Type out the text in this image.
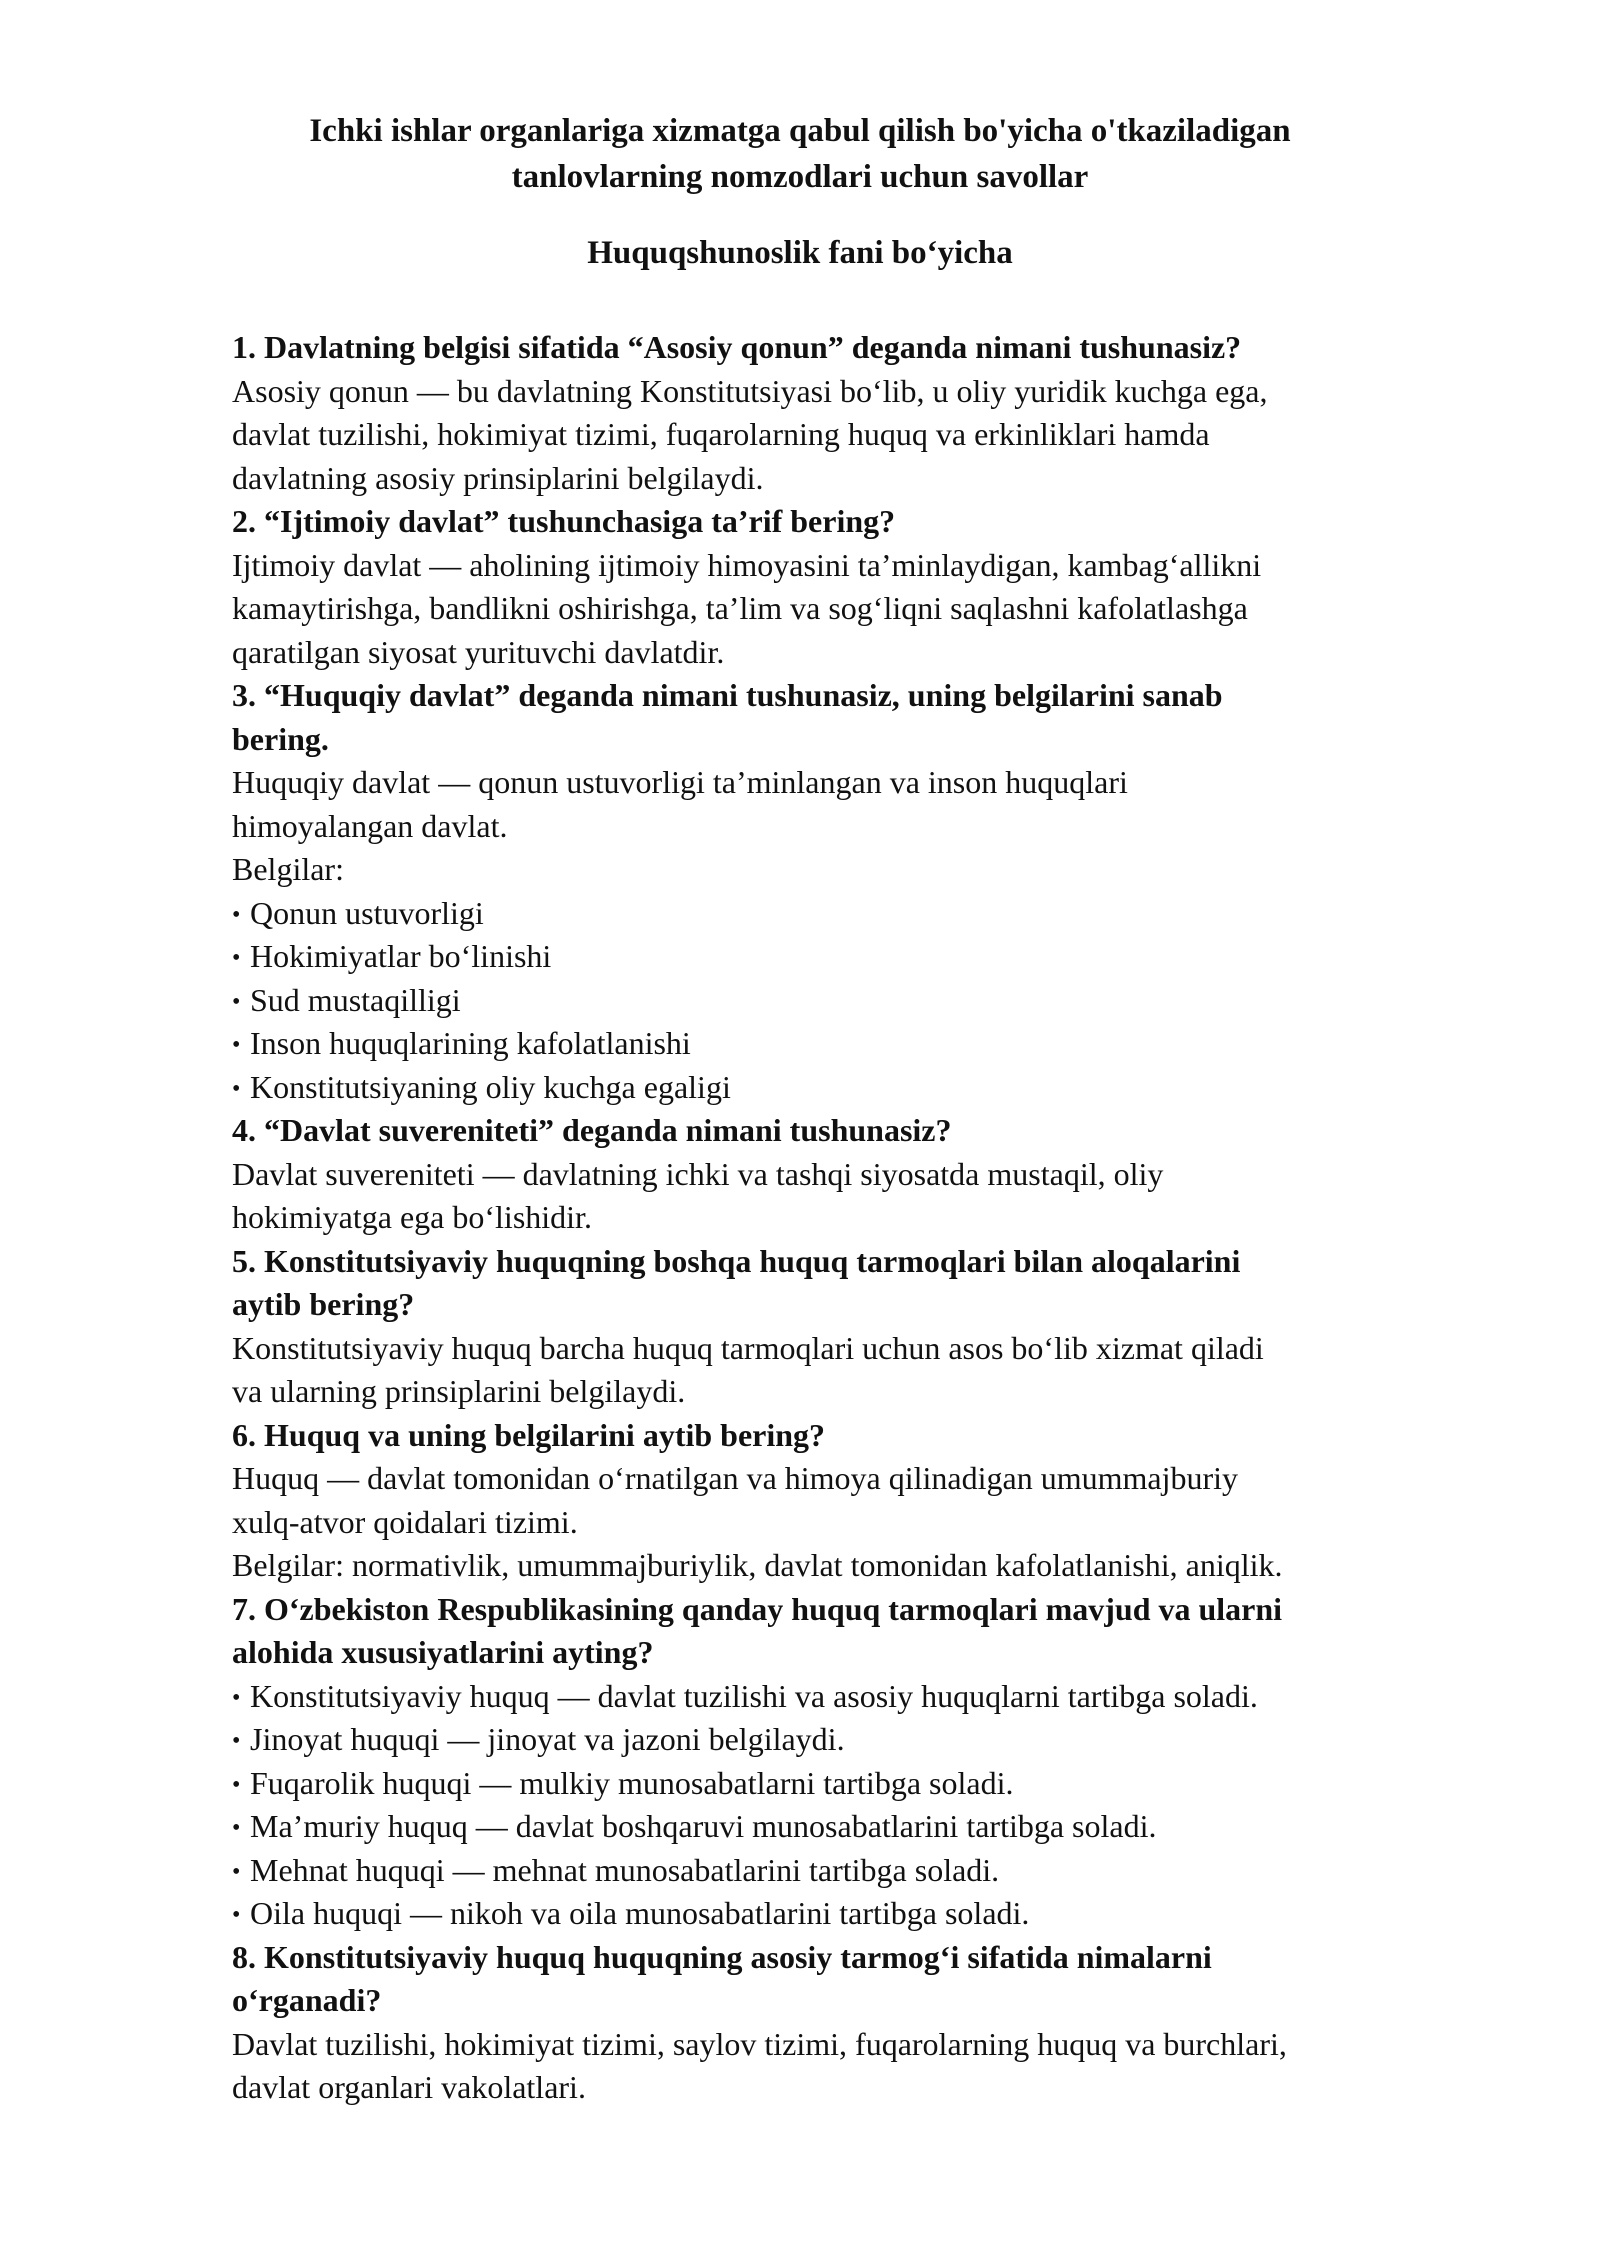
Ichki ishlar organlariga xizmatga qabul qilish bo'yicha o'tkaziladigan
tanlovlarning nomzodlari uchun savollar
Huquqshunoslik fani bo‘yicha
1. Davlatning belgisi sifatida “Asosiy qonun” deganda nimani tushunasiz?
Asosiy qonun — bu davlatning Konstitutsiyasi bo‘lib, u oliy yuridik kuchga ega,
davlat tuzilishi, hokimiyat tizimi, fuqarolarning huquq va erkinliklari hamda
davlatning asosiy prinsiplarini belgilaydi.
2. “Ijtimoiy davlat” tushunchasiga ta’rif bering?
Ijtimoiy davlat — aholining ijtimoiy himoyasini ta’minlaydigan, kambag‘allikni
kamaytirishga, bandlikni oshirishga, ta’lim va sog‘liqni saqlashni kafolatlashga
qaratilgan siyosat yurituvchi davlatdir.
3. “Huquqiy davlat” deganda nimani tushunasiz, uning belgilarini sanab
bering.
Huquqiy davlat — qonun ustuvorligi ta’minlangan va inson huquqlari
himoyalangan davlat.
Belgilar:
• Qonun ustuvorligi
• Hokimiyatlar bo‘linishi
• Sud mustaqilligi
• Inson huquqlarining kafolatlanishi
• Konstitutsiyaning oliy kuchga egaligi
4. “Davlat suvereniteti” deganda nimani tushunasiz?
Davlat suvereniteti — davlatning ichki va tashqi siyosatda mustaqil, oliy
hokimiyatga ega bo‘lishidir.
5. Konstitutsiyaviy huquqning boshqa huquq tarmoqlari bilan aloqalarini
aytib bering?
Konstitutsiyaviy huquq barcha huquq tarmoqlari uchun asos bo‘lib xizmat qiladi
va ularning prinsiplarini belgilaydi.
6. Huquq va uning belgilarini aytib bering?
Huquq — davlat tomonidan o‘rnatilgan va himoya qilinadigan umummajburiy
xulq-atvor qoidalari tizimi.
Belgilar: normativlik, umummajburiylik, davlat tomonidan kafolatlanishi, aniqlik.
7. O‘zbekiston Respublikasining qanday huquq tarmoqlari mavjud va ularni
alohida xususiyatlarini ayting?
• Konstitutsiyaviy huquq — davlat tuzilishi va asosiy huquqlarni tartibga soladi.
• Jinoyat huquqi — jinoyat va jazoni belgilaydi.
• Fuqarolik huquqi — mulkiy munosabatlarni tartibga soladi.
• Ma’muriy huquq — davlat boshqaruvi munosabatlarini tartibga soladi.
• Mehnat huquqi — mehnat munosabatlarini tartibga soladi.
• Oila huquqi — nikoh va oila munosabatlarini tartibga soladi.
8. Konstitutsiyaviy huquq huquqning asosiy tarmog‘i sifatida nimalarni
o‘rganadi?
Davlat tuzilishi, hokimiyat tizimi, saylov tizimi, fuqarolarning huquq va burchlari,
davlat organlari vakolatlari.
